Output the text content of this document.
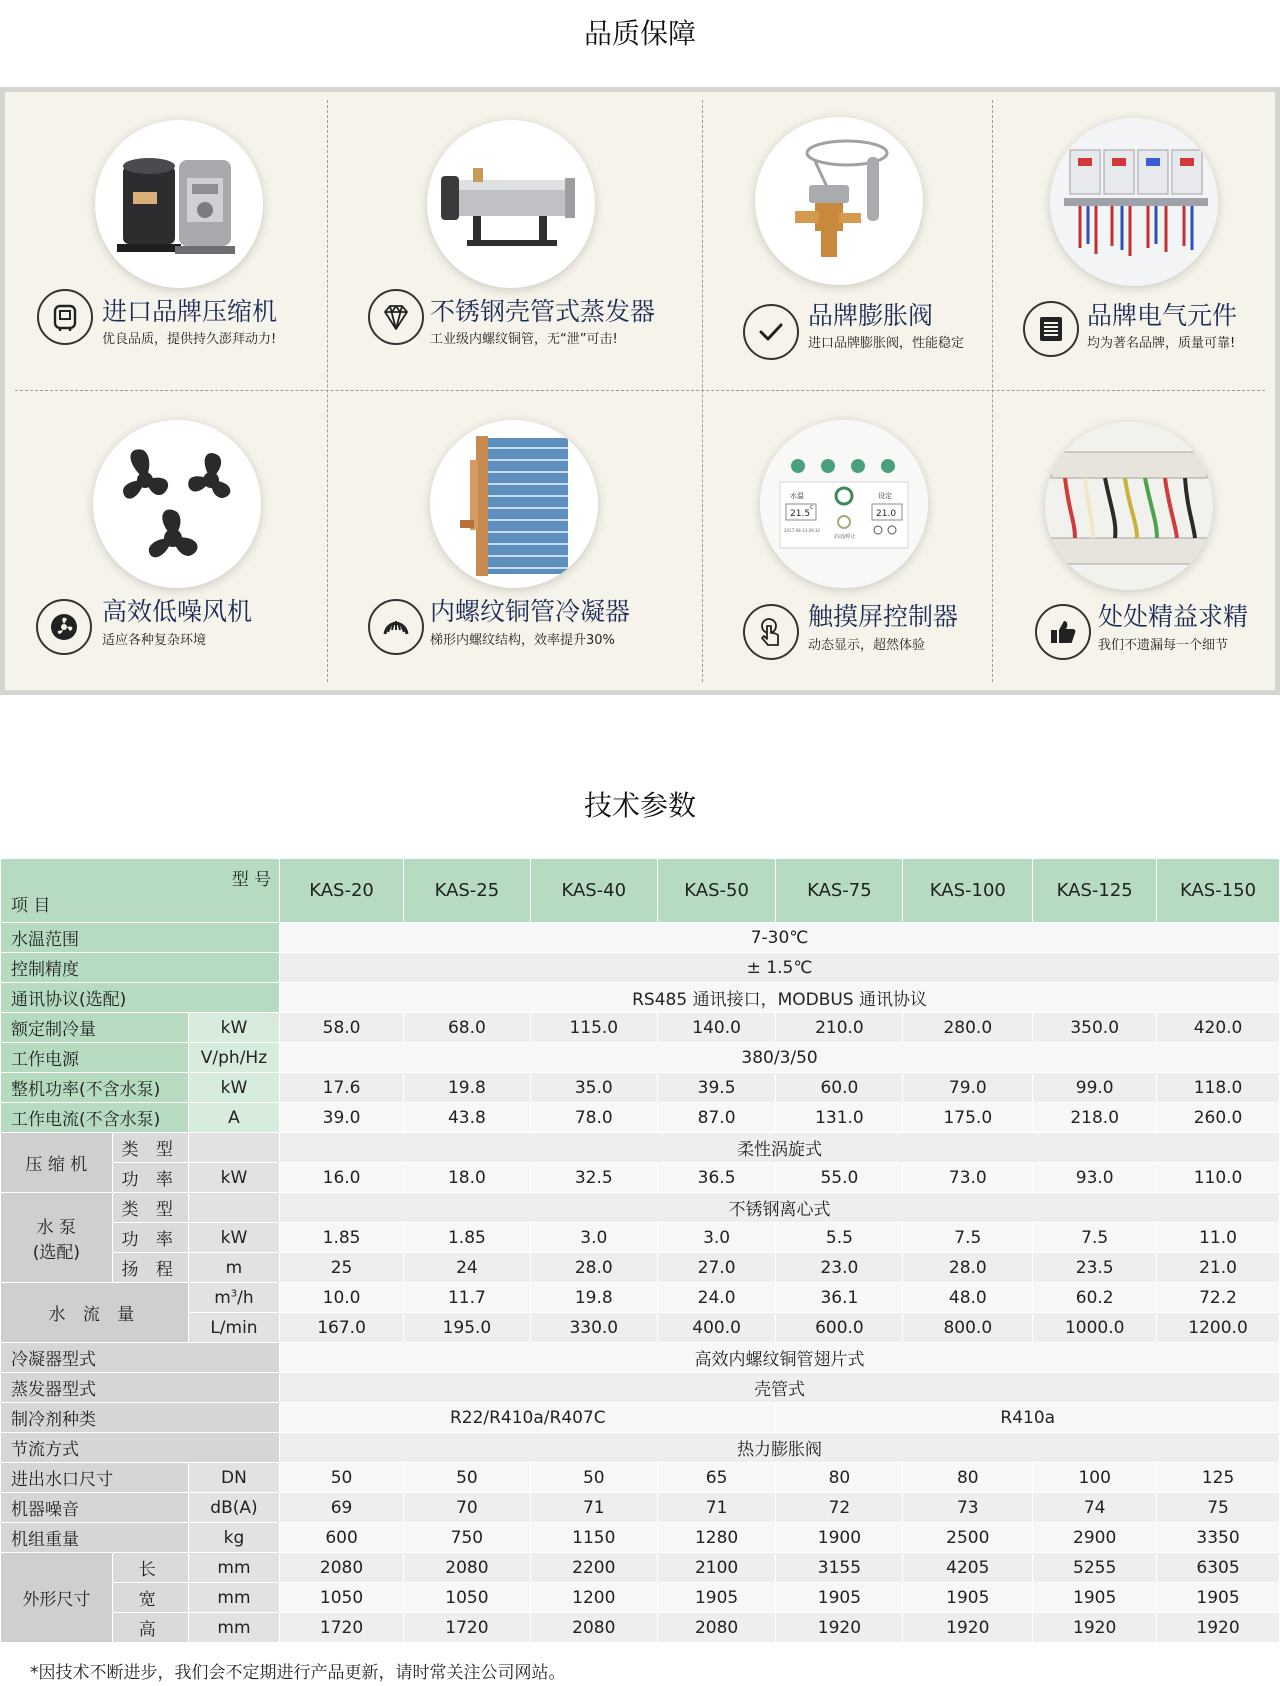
品质保障
进口品牌压缩机
优良品质，提供持久澎拜动力!
不锈钢壳管式蒸发器
工业级内螺纹铜管，无“泄”可击!
品牌膨胀阀
进口品牌膨胀阀，性能稳定
品牌电气元件
均为著名品牌，质量可靠!
高效低噪风机
适应各种复杂环境
内螺纹铜管冷凝器
梯形内螺纹结构，效率提升30%
水温	设定
21.5	21.0
C
2017-08-13 09:32
启动/停止
触摸屏控制器
动态显示，超然体验
处处精益求精
我们不遗漏每一个细节
技术参数
型 号
项 目			KAS-20	KAS-25	KAS-40	KAS-50	KAS-75	KAS-100	KAS-125	KAS-150
水温范围			7-30℃							
控制精度			± 1.5℃							
通讯协议(选配)			RS485 通讯接口，MODBUS 通讯协议							
额定制冷量		kW	58.0	68.0	115.0	140.0	210.0	280.0	350.0	420.0
工作电源		V/ph/Hz	380/3/50							
整机功率(不含水泵)		kW	17.6	19.8	35.0	39.5	60.0	79.0	99.0	118.0
工作电流(不含水泵)		A	39.0	43.8	78.0	87.0	131.0	175.0	218.0	260.0
压 缩 机	类 型		柔性涡旋式							
	功 率	kW	16.0	18.0	32.5	36.5	55.0	73.0	93.0	110.0

水 泵
(选配)	类 型		不锈钢离心式							
	功 率	kW	1.85	1.85	3.0	3.0	5.5	7.5	7.5	11.0
	扬 程	m	25	24	28.0	27.0	23.0	28.0	23.5	21.0
水 流 量		$m^3/h$	10.0	11.7	19.8	24.0	36.1	48.0	60.2	72.2
		L/min	167.0	195.0	330.0	400.0	600.0	800.0	1000.0	1200.0
冷凝器型式			高效内螺纹铜管翅片式							
蒸发器型式			壳管式							
制冷剂种类			R22/R410a/R407C				R410a			
节流方式			热力膨胀阀							
进出水口尺寸		DN	50	50	50	65	80	80	100	125
机器噪音		dB(A)	69	70	71	71	72	73	74	75
机组重量		kg	600	750	1150	1280	1900	2500	2900	3350
外形尺寸	长	mm	2080	2080	2200	2100	3155	4205	5255	6305
	宽	mm	1050	1050	1200	1905	1905	1905	1905	1905
	高	mm	1720	1720	2080	2080	1920	1920	1920	1920
*因技术不断进步，我们会不定期进行产品更新，请时常关注公司网站。
